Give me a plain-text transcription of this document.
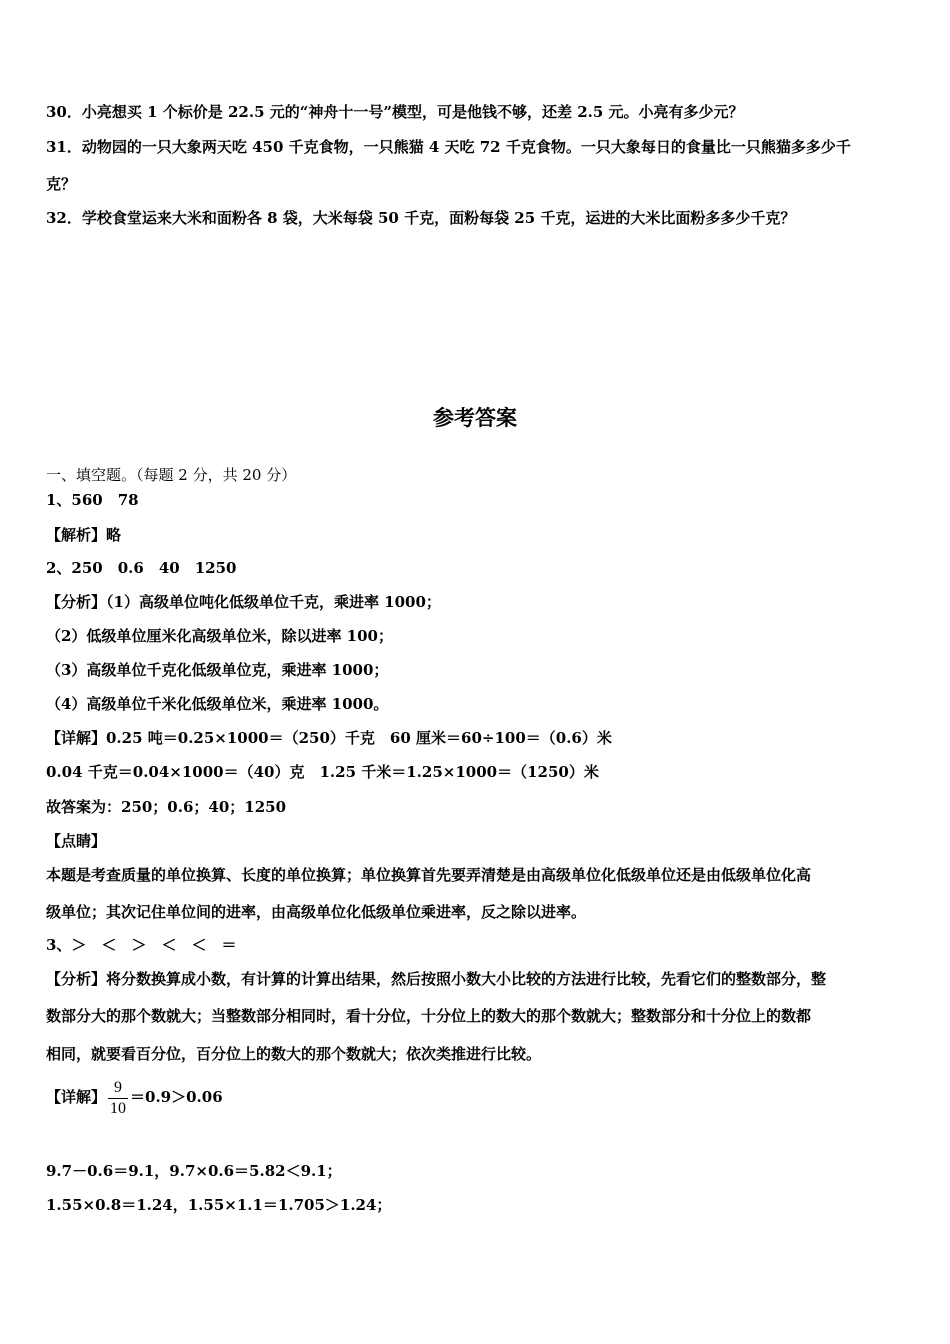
30．小亮想买 1 个标价是 22.5 元的“神舟十一号”模型，可是他钱不够，还差 2.5 元。小亮有多少元？
31．动物园的一只大象两天吃 450 千克食物，一只熊猫 4 天吃 72 千克食物。一只大象每日的食量比一只熊猫多多少千
克？
32．学校食堂运来大米和面粉各 8 袋，大米每袋 50 千克，面粉每袋 25 千克，运进的大米比面粉多多少千克？
参考答案
一、填空题。（每题 2 分，共 20 分）
1、560　78
【解析】略
2、250　0.6　40　1250
【分析】（1）高级单位吨化低级单位千克，乘进率 1000；
（2）低级单位厘米化高级单位米，除以进率 100；
（3）高级单位千克化低级单位克，乘进率 1000；
（4）高级单位千米化低级单位米，乘进率 1000。
【详解】0.25 吨＝0.25×1000＝（250）千克　60 厘米＝60÷100＝（0.6）米
0.04 千克＝0.04×1000＝（40）克　1.25 千米＝1.25×1000＝（1250）米
故答案为：250；0.6；40；1250
【点睛】
本题是考查质量的单位换算、长度的单位换算；单位换算首先要弄清楚是由高级单位化低级单位还是由低级单位化高
级单位；其次记住单位间的进率，由高级单位化低级单位乘进率，反之除以进率。
3、＞　＜　＞　＜　＜　＝
【分析】将分数换算成小数，有计算的计算出结果，然后按照小数大小比较的方法进行比较，先看它们的整数部分，整
数部分大的那个数就大；当整数部分相同时，看十分位，十分位上的数大的那个数就大；整数部分和十分位上的数都
相同，就要看百分位，百分位上的数大的那个数就大；依次类推进行比较。
【详解】 $\frac{9}{10} =0.9>0.06$
9.7－0.6＝9.1，9.7×0.6＝5.82＜9.1；
1.55×0.8＝1.24，1.55×1.1＝1.705＞1.24；
